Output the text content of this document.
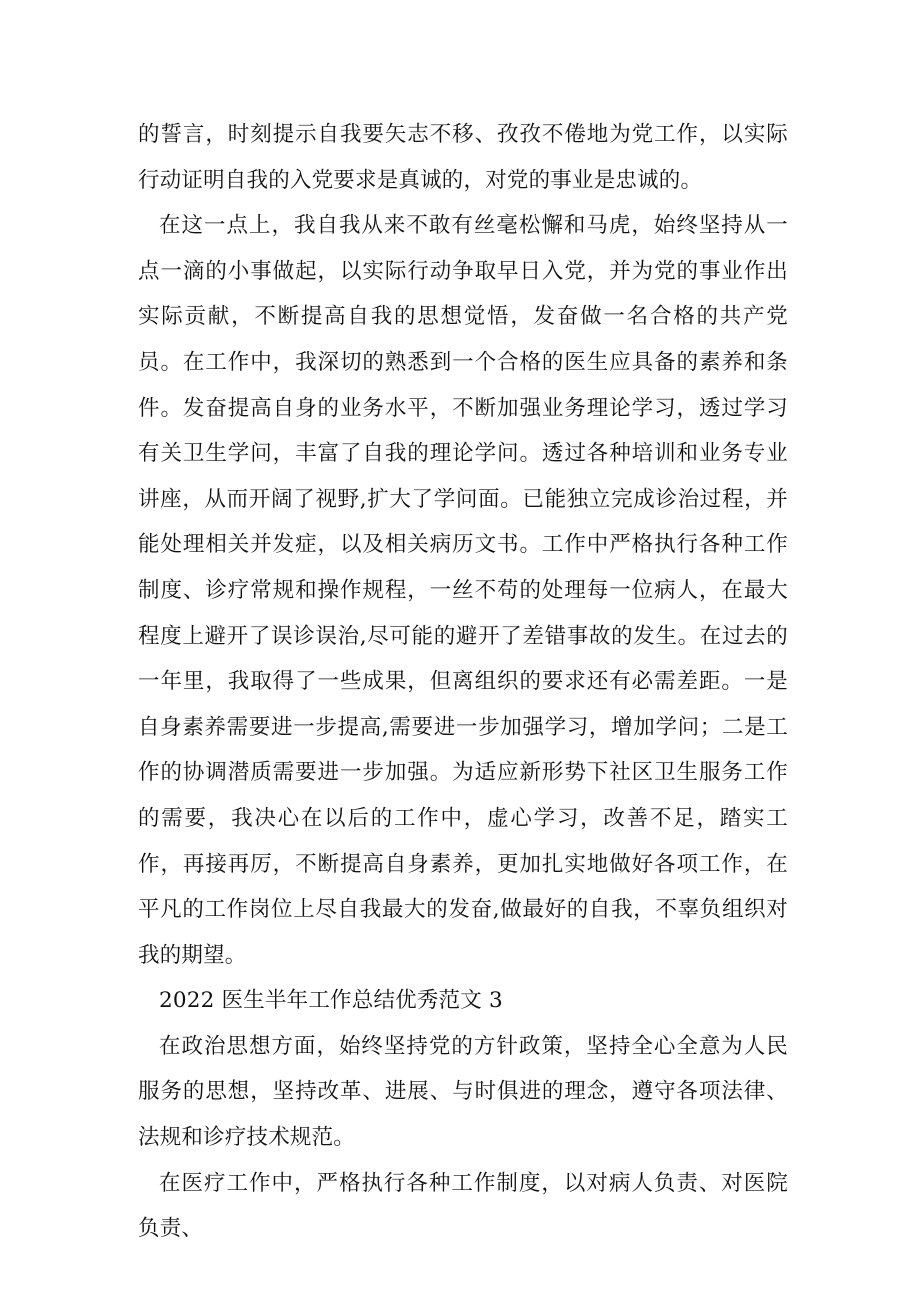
的誓言，时刻提示自我要矢志不移、孜孜不倦地为党工作，以实际行动证明自我的入党要求是真诚的，对党的事业是忠诚的。

在这一点上，我自我从来不敢有丝毫松懈和马虎，始终坚持从一点一滴的小事做起，以实际行动争取早日入党，并为党的事业作出实际贡献，不断提高自我的思想觉悟，发奋做一名合格的共产党员。在工作中，我深切的熟悉到一个合格的医生应具备的素养和条件。发奋提高自身的业务水平，不断加强业务理论学习，透过学习有关卫生学问，丰富了自我的理论学问。透过各种培训和业务专业讲座，从而开阔了视野,扩大了学问面。已能独立完成诊治过程，并能处理相关并发症，以及相关病历文书。工作中严格执行各种工作制度、诊疗常规和操作规程，一丝不苟的处理每一位病人，在最大程度上避开了误诊误治,尽可能的避开了差错事故的发生。在过去的一年里，我取得了一些成果，但离组织的要求还有必需差距。一是自身素养需要进一步提高,需要进一步加强学习，增加学问；二是工作的协调潜质需要进一步加强。为适应新形势下社区卫生服务工作的需要，我决心在以后的工作中，虚心学习，改善不足，踏实工作，再接再厉，不断提高自身素养，更加扎实地做好各项工作，在平凡的工作岗位上尽自我最大的发奋,做最好的自我，不辜负组织对我的期望。

2022 医生半年工作总结优秀范文 3

在政治思想方面，始终坚持党的方针政策，坚持全心全意为人民服务的思想，坚持改革、进展、与时俱进的理念，遵守各项法律、法规和诊疗技术规范。

在医疗工作中，严格执行各种工作制度，以对病人负责、对医院负责、
